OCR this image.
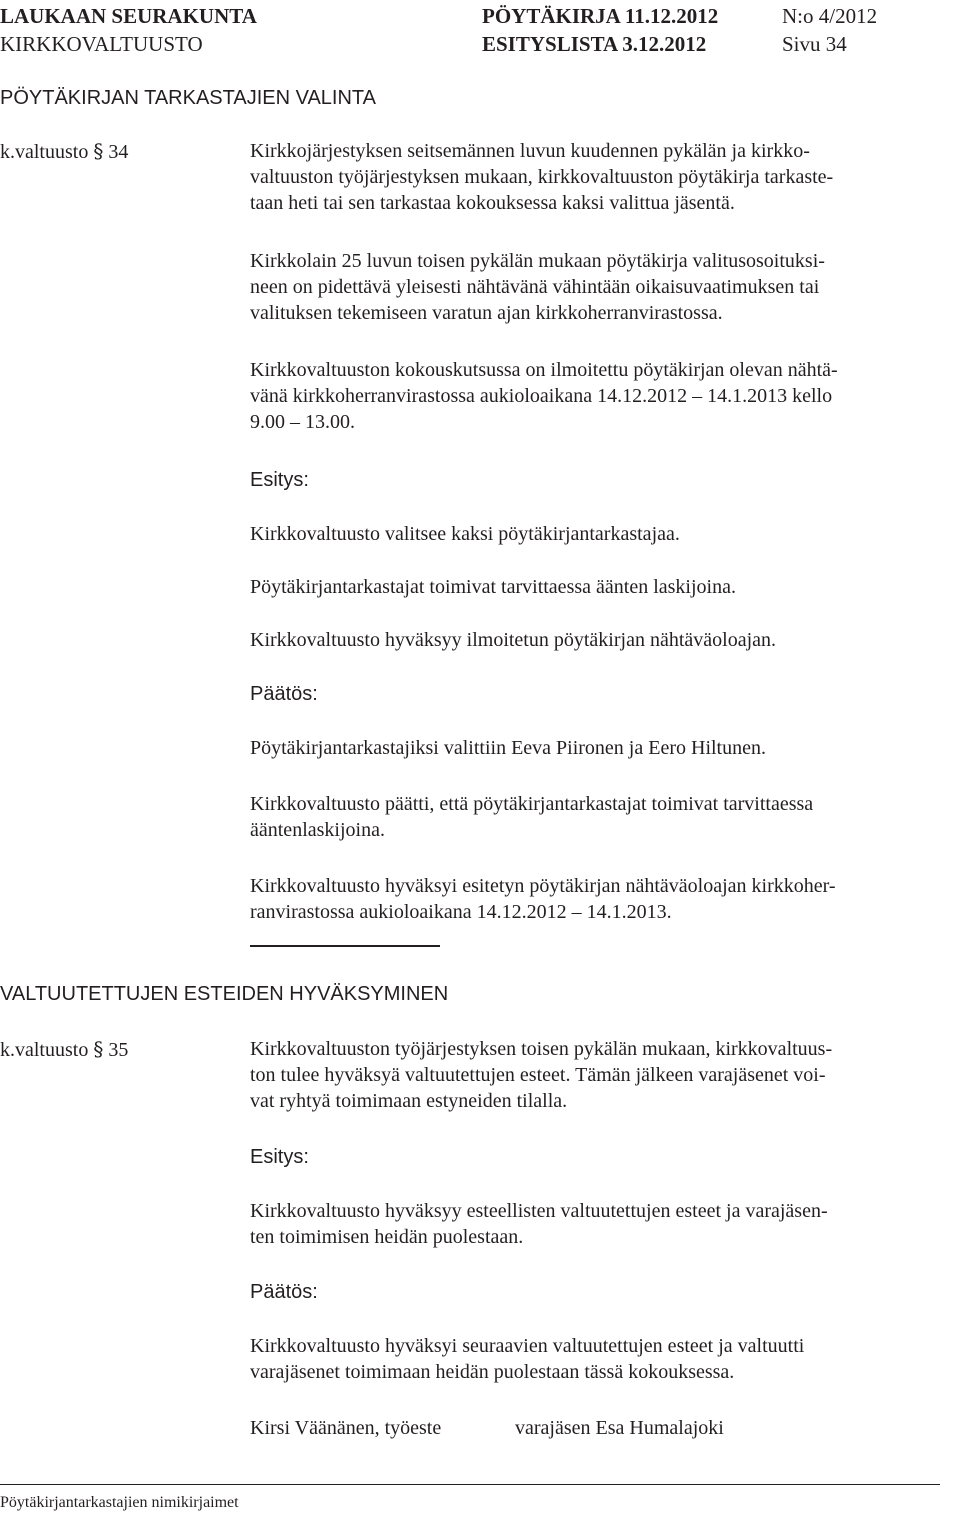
LAUKAAN SEURAKUNTA
KIRKKOVALTUUSTO
PÖYTÄKIRJA 11.12.2012
ESITYSLISTA 3.12.2012
N:o 4/2012
Sivu 34
PÖYTÄKIRJAN TARKASTAJIEN VALINTA
k.valtuusto § 34	Kirkkojärjestyksen seitsemännen luvun kuudennen pykälän ja kirkko-
valtuuston työjärjestyksen mukaan, kirkkovaltuuston pöytäkirja tarkaste-
taan heti tai sen tarkastaa kokouksessa kaksi valittua jäsentä.
Kirkkolain 25 luvun toisen pykälän mukaan pöytäkirja valitusosoituksi-
neen on pidettävä yleisesti nähtävänä vähintään oikaisuvaatimuksen tai
valituksen tekemiseen varatun ajan kirkkoherranvirastossa.
Kirkkovaltuuston kokouskutsussa on ilmoitettu pöytäkirjan olevan nähtä-
vänä kirkkoherranvirastossa aukioloaikana 14.12.2012 – 14.1.2013 kello
9.00 – 13.00.
Esitys:
Kirkkovaltuusto valitsee kaksi pöytäkirjantarkastajaa.
Pöytäkirjantarkastajat toimivat tarvittaessa äänten laskijoina.
Kirkkovaltuusto hyväksyy ilmoitetun pöytäkirjan nähtäväoloajan.
Päätös:
Pöytäkirjantarkastajiksi valittiin Eeva Piironen ja Eero Hiltunen.
Kirkkovaltuusto päätti, että pöytäkirjantarkastajat toimivat tarvittaessa
ääntenlaskijoina.
Kirkkovaltuusto hyväksyi esitetyn pöytäkirjan nähtäväoloajan kirkkoher-
ranvirastossa aukioloaikana 14.12.2012 – 14.1.2013.
VALTUUTETTUJEN ESTEIDEN HYVÄKSYMINEN
k.valtuusto § 35	Kirkkovaltuuston työjärjestyksen toisen pykälän mukaan, kirkkovaltuus-
ton tulee hyväksyä valtuutettujen esteet. Tämän jälkeen varajäsenet voi-
vat ryhtyä toimimaan estyneiden tilalla.
Esitys:
Kirkkovaltuusto hyväksyy esteellisten valtuutettujen esteet ja varajäsen-
ten toimimisen heidän puolestaan.
Päätös:
Kirkkovaltuusto hyväksyi seuraavien valtuutettujen esteet ja valtuutti
varajäsenet toimimaan heidän puolestaan tässä kokouksessa.
Kirsi Väänänen, työeste	varajäsen Esa Humalajoki
Pöytäkirjantarkastajien nimikirjaimet
